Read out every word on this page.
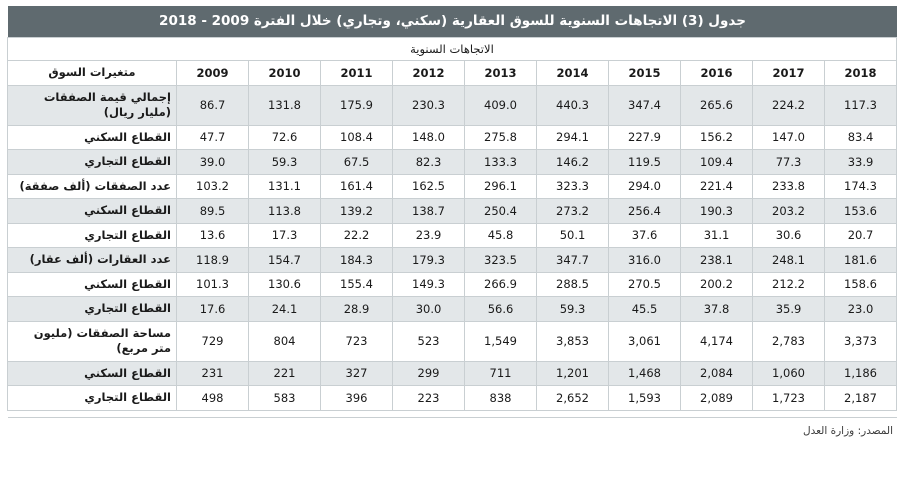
جدول (3) الاتجاهات السنوية للسوق العقارية (سكني، وتجاري) خلال الفترة 2009 - 2018
الاتجاهات السنوية										
2018	2017	2016	2015	2014	2013	2012	2011	2010	2009	متغيرات السوق
117.3	224.2	265.6	347.4	440.3	409.0	230.3	175.9	131.8	86.7	إجمالي قيمة الصفقات (مليار ريال)
83.4	147.0	156.2	227.9	294.1	275.8	148.0	108.4	72.6	47.7	القطاع السكني
33.9	77.3	109.4	119.5	146.2	133.3	82.3	67.5	59.3	39.0	القطاع التجاري
174.3	233.8	221.4	294.0	323.3	296.1	162.5	161.4	131.1	103.2	عدد الصفقات (ألف صفقة)
153.6	203.2	190.3	256.4	273.2	250.4	138.7	139.2	113.8	89.5	القطاع السكني
20.7	30.6	31.1	37.6	50.1	45.8	23.9	22.2	17.3	13.6	القطاع التجاري
181.6	248.1	238.1	316.0	347.7	323.5	179.3	184.3	154.7	118.9	عدد العقارات (ألف عقار)
158.6	212.2	200.2	270.5	288.5	266.9	149.3	155.4	130.6	101.3	القطاع السكني
23.0	35.9	37.8	45.5	59.3	56.6	30.0	28.9	24.1	17.6	القطاع التجاري
3,373	2,783	4,174	3,061	3,853	1,549	523	723	804	729	مساحة الصفقات (مليون متر مربع)
1,186	1,060	2,084	1,468	1,201	711	299	327	221	231	القطاع السكني
2,187	1,723	2,089	1,593	2,652	838	223	396	583	498	القطاع التجاري
المصدر: وزارة العدل
